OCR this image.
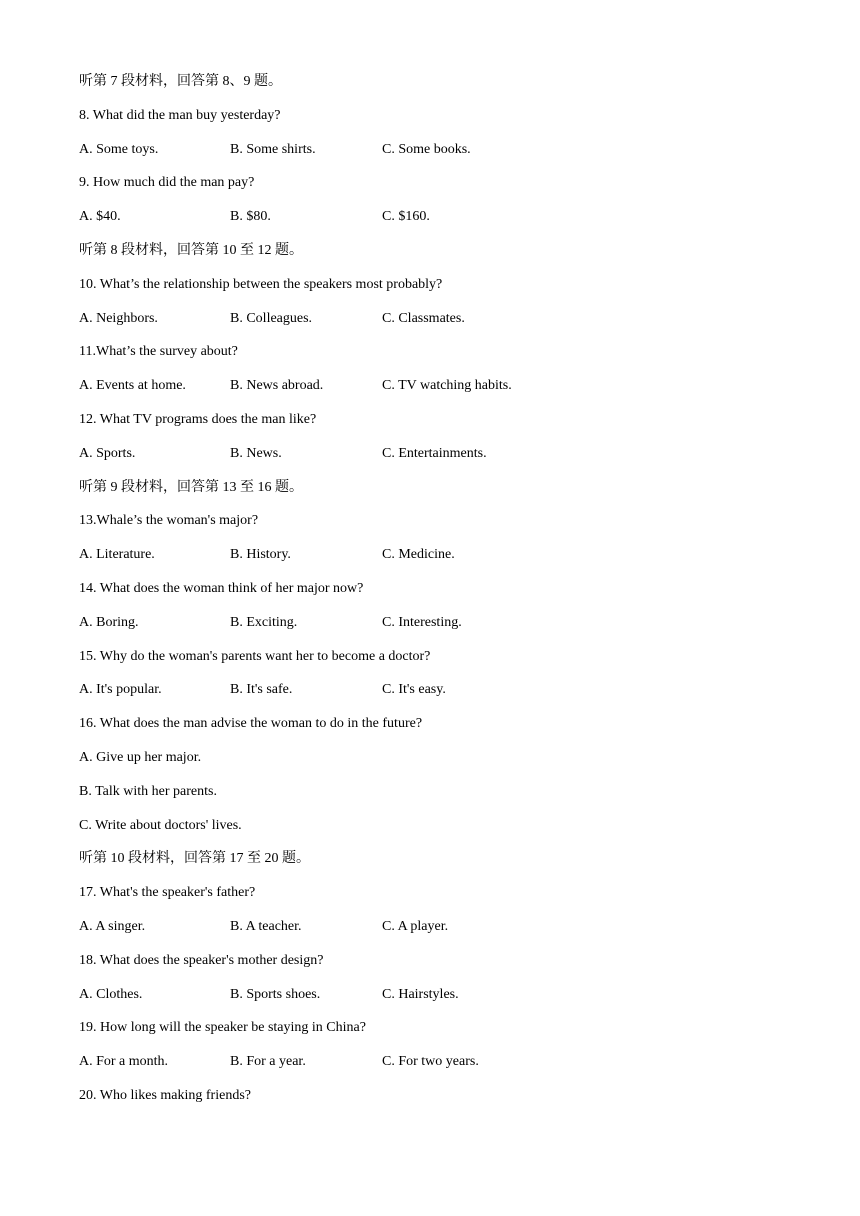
听第 7 段材料，回答第 8、9 题。
8. What did the man buy yesterday?
A. Some toys.	B. Some shirts.	C. Some books.
9. How much did the man pay?
A. $40.	B. $80.	C. $160.
听第 8 段材料，回答第 10 至 12 题。
10. What’s the relationship between the speakers most probably?
A. Neighbors.	B. Colleagues.	C. Classmates.
11.What’s the survey about?
A. Events at home.	B. News abroad.	C. TV watching habits.
12. What TV programs does the man like?
A. Sports.	B. News.	C. Entertainments.
听第 9 段材料，回答第 13 至 16 题。
13.Whale’s the woman's major?
A. Literature.	B. History.	C. Medicine.
14. What does the woman think of her major now?
A. Boring.	B. Exciting.	C. Interesting.
15. Why do the woman's parents want her to become a doctor?
A. It's popular.	B. It's safe.	C. It's easy.
16. What does the man advise the woman to do in the future?
A. Give up her major.
B. Talk with her parents.
C. Write about doctors' lives.
听第 10 段材料，回答第 17 至 20 题。
17. What's the speaker's father?
A. A singer.	B. A teacher.	C. A player.
18. What does the speaker's mother design?
A. Clothes.	B. Sports shoes.	C. Hairstyles.
19. How long will the speaker be staying in China?
A. For a month.	B. For a year.	C. For two years.
20. Who likes making friends?
